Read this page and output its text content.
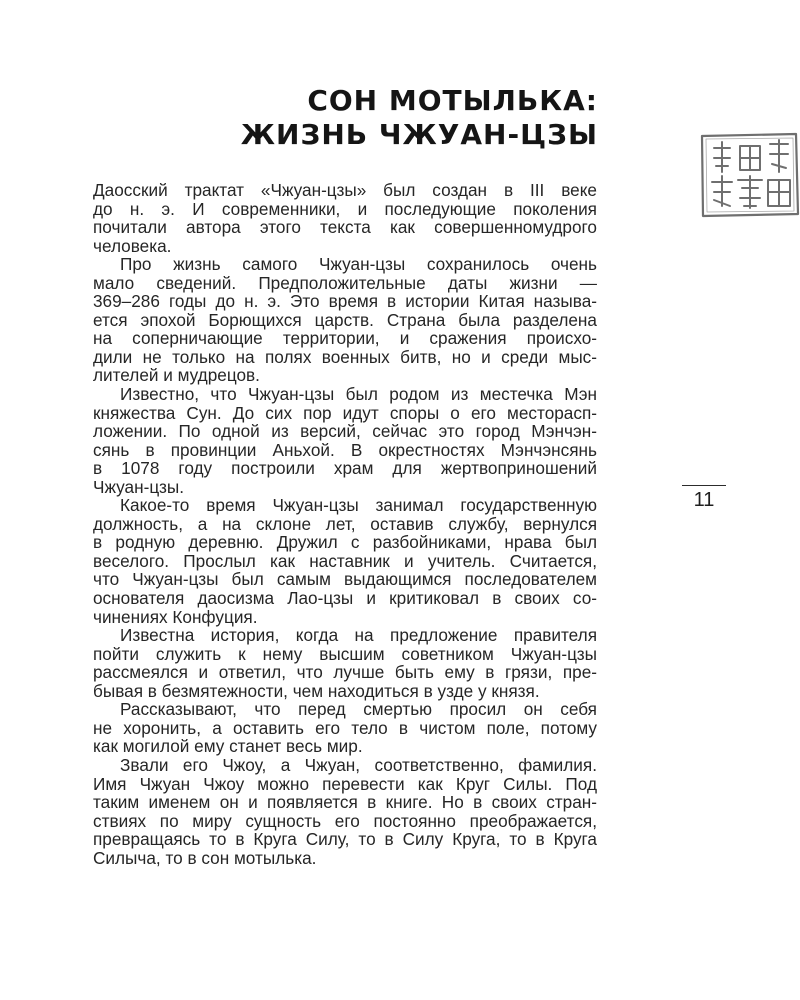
СОН МОТЫЛЬКА:
ЖИЗНЬ ЧЖУАН-ЦЗЫ

Даосский трактат «Чжуан-цзы» был создан в III веке
до н. э. И современники, и последующие поколения
почитали автора этого текста как совершенномудрого
человека.

Про жизнь самого Чжуан-цзы сохранилось очень
мало сведений. Предположительные даты жизни —
369–286 годы до н. э. Это время в истории Китая называ-
ется эпохой Борющихся царств. Страна была разделена
на соперничающие территории, и сражения происхо-
дили не только на полях военных битв, но и среди мыс-
лителей и мудрецов.

Известно, что Чжуан-цзы был родом из местечка Мэн
княжества Сун. До сих пор идут споры о его месторасп-
ложении. По одной из версий, сейчас это город Мэнчэн-
сянь в провинции Аньхой. В окрестностях Мэнчэнсянь
в 1078 году построили храм для жертвоприношений
Чжуан-цзы.

Какое-то время Чжуан-цзы занимал государственную
должность, а на склоне лет, оставив службу, вернулся
в родную деревню. Дружил с разбойниками, нрава был
веселого. Прослыл как наставник и учитель. Считается,
что Чжуан-цзы был самым выдающимся последователем
основателя даосизма Лао-цзы и критиковал в своих со-
чинениях Конфуция.

Известна история, когда на предложение правителя
пойти служить к нему высшим советником Чжуан-цзы
рассмеялся и ответил, что лучше быть ему в грязи, пре-
бывая в безмятежности, чем находиться в узде у князя.

Рассказывают, что перед смертью просил он себя
не хоронить, а оставить его тело в чистом поле, потому
как могилой ему станет весь мир.

Звали его Чжоу, а Чжуан, соответственно, фамилия.
Имя Чжуан Чжоу можно перевести как Круг Силы. Под
таким именем он и появляется в книге. Но в своих стран-
ствиях по миру сущность его постоянно преображается,
превращаясь то в Круга Силу, то в Силу Круга, то в Круга
Силыча, то в сон мотылька.

11
